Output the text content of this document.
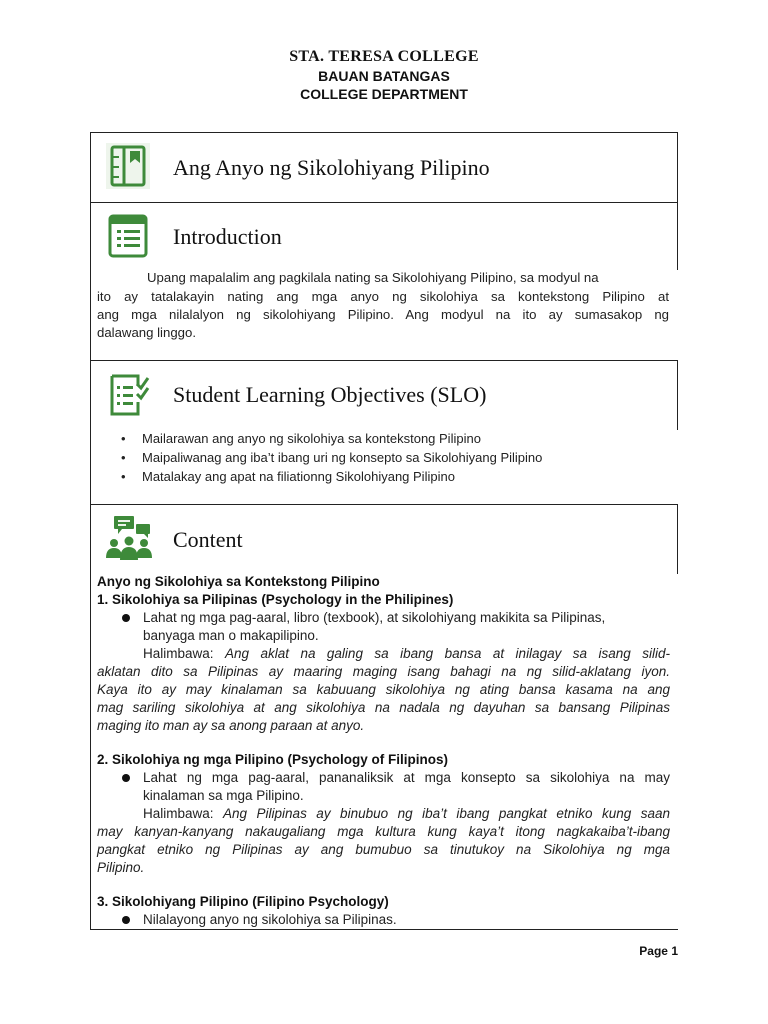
STA. TERESA COLLEGE
BAUAN BATANGAS
COLLEGE DEPARTMENT
Ang Anyo ng Sikolohiyang Pilipino
Introduction
Upang mapalalim ang pagkilala nating sa Sikolohiyang Pilipino, sa modyul na
ito ay tatalakayin nating ang mga anyo ng sikolohiya sa kontekstong Pilipino at
ang mga nilalalyon ng sikolohiyang Pilipino. Ang modyul na ito ay sumasakop ng
dalawang linggo.
Student Learning Objectives (SLO)
• Mailarawan ang anyo ng sikolohiya sa kontekstong Pilipino
• Maipaliwanag ang iba’t ibang uri ng konsepto sa Sikolohiyang Pilipino
• Matalakay ang apat na filiationng Sikolohiyang Pilipino
Content
Anyo ng Sikolohiya sa Kontekstong Pilipino
1. Sikolohiya sa Pilipinas (Psychology in the Philipines)
Lahat ng mga pag-aaral, libro (texbook), at sikolohiyang makikita sa Pilipinas,
banyaga man o makapilipino.
Halimbawa: Ang aklat na galing sa ibang bansa at inilagay sa isang silid-
aklatan dito sa Pilipinas ay maaring maging isang bahagi na ng silid-aklatang iyon.
Kaya ito ay may kinalaman sa kabuuang sikolohiya ng ating bansa kasama na ang
mag sariling sikolohiya at ang sikolohiya na nadala ng dayuhan sa bansang Pilipinas
maging ito man ay sa anong paraan at anyo.
2. Sikolohiya ng mga Pilipino (Psychology of Filipinos)
Lahat ng mga pag-aaral, pananaliksik at mga konsepto sa sikolohiya na may
kinalaman sa mga Pilipino.
Halimbawa: Ang Pilipinas ay binubuo ng iba’t ibang pangkat etniko kung saan
may kanyan-kanyang nakaugaliang mga kultura kung kaya’t itong nagkakaiba’t-ibang
pangkat etniko ng Pilipinas ay ang bumubuo sa tinutukoy na Sikolohiya ng mga
Pilipino.
3. Sikolohiyang Pilipino (Filipino Psychology)
Nilalayong anyo ng sikolohiya sa Pilipinas.
Page 1
